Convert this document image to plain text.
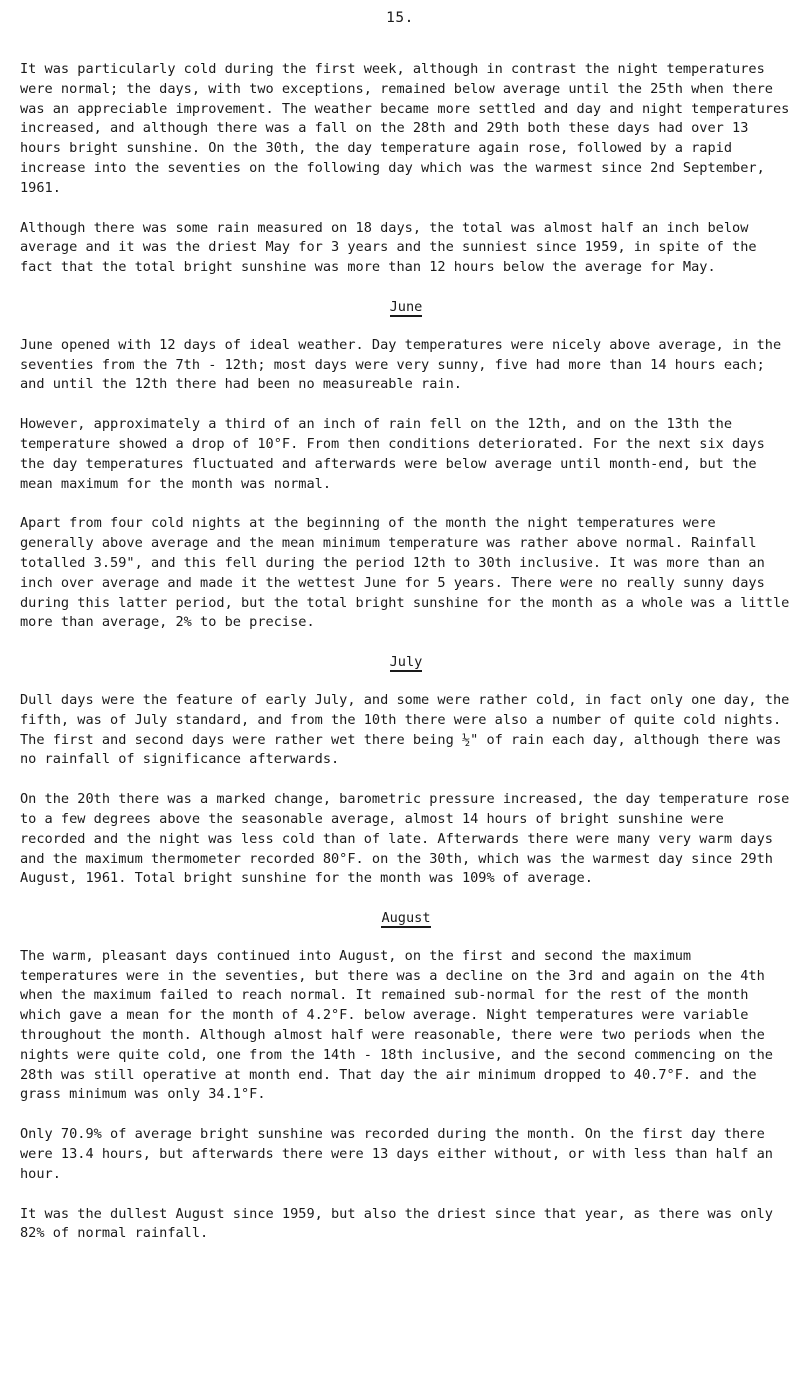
15.

It was particularly cold during the first week, although in contrast the night temperatures were normal; the days, with two exceptions, remained below average until the 25th when there was an appreciable improvement. The weather became more settled and day and night temperatures increased, and although there was a fall on the 28th and 29th both these days had over 13 hours bright sunshine. On the 30th, the day temperature again rose, followed by a rapid increase into the seventies on the following day which was the warmest since 2nd September, 1961.

Although there was some rain measured on 18 days, the total was almost half an inch below average and it was the driest May for 3 years and the sunniest since 1959, in spite of the fact that the total bright sunshine was more than 12 hours below the average for May.

June

June opened with 12 days of ideal weather. Day temperatures were nicely above average, in the seventies from the 7th - 12th; most days were very sunny, five had more than 14 hours each; and until the 12th there had been no measureable rain.

However, approximately a third of an inch of rain fell on the 12th, and on the 13th the temperature showed a drop of 10°F. From then conditions deteriorated. For the next six days the day temperatures fluctuated and afterwards were below average until month-end, but the mean maximum for the month was normal.

Apart from four cold nights at the beginning of the month the night temperatures were generally above average and the mean minimum temperature was rather above normal. Rainfall totalled 3.59", and this fell during the period 12th to 30th inclusive. It was more than an inch over average and made it the wettest June for 5 years. There were no really sunny days during this latter period, but the total bright sunshine for the month as a whole was a little more than average, 2% to be precise.

July

Dull days were the feature of early July, and some were rather cold, in fact only one day, the fifth, was of July standard, and from the 10th there were also a number of quite cold nights. The first and second days were rather wet there being ½" of rain each day, although there was no rainfall of significance afterwards.

On the 20th there was a marked change, barometric pressure increased, the day temperature rose to a few degrees above the seasonable average, almost 14 hours of bright sunshine were recorded and the night was less cold than of late. Afterwards there were many very warm days and the maximum thermometer recorded 80°F. on the 30th, which was the warmest day since 29th August, 1961. Total bright sunshine for the month was 109% of average.

August

The warm, pleasant days continued into August, on the first and second the maximum temperatures were in the seventies, but there was a decline on the 3rd and again on the 4th when the maximum failed to reach normal. It remained sub-normal for the rest of the month which gave a mean for the month of 4.2°F. below average. Night temperatures were variable throughout the month. Although almost half were reasonable, there were two periods when the nights were quite cold, one from the 14th - 18th inclusive, and the second commencing on the 28th was still operative at month end. That day the air minimum dropped to 40.7°F. and the grass minimum was only 34.1°F.

Only 70.9% of average bright sunshine was recorded during the month. On the first day there were 13.4 hours, but afterwards there were 13 days either without, or with less than half an hour.

It was the dullest August since 1959, but also the driest since that year, as there was only 82% of normal rainfall.
